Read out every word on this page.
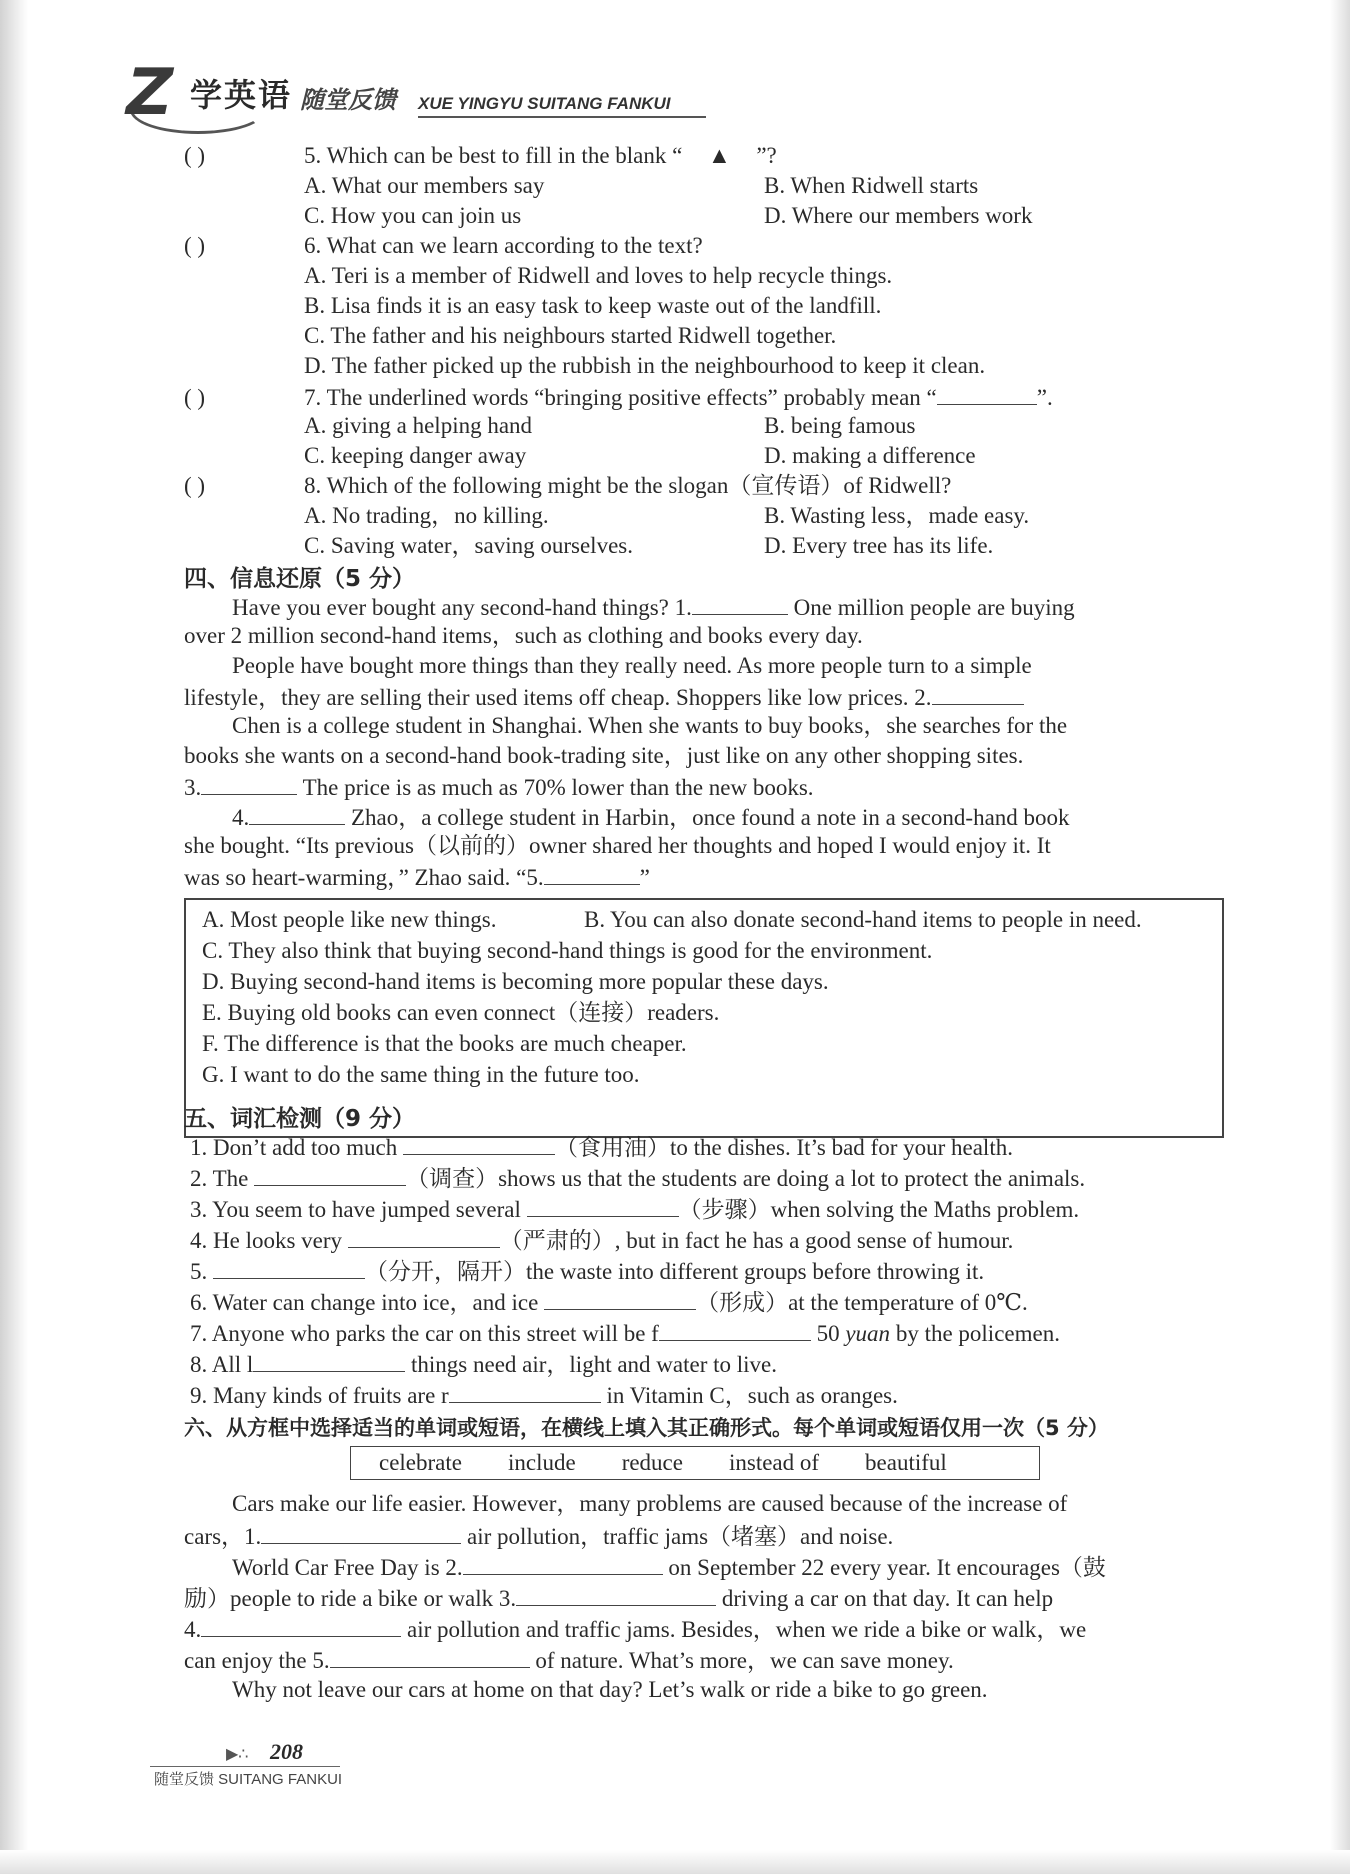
Z 学英语 随堂反馈 XUE YINGYU SUITANG FANKUI
( )	5. Which can be best to fill in the blank “ ▲ ”?
A. What our members say	B. When Ridwell starts
C. How you can join us	D. Where our members work
( )	6. What can we learn according to the text?
A. Teri is a member of Ridwell and loves to help recycle things.
B. Lisa finds it is an easy task to keep waste out of the landfill.
C. The father and his neighbours started Ridwell together.
D. The father picked up the rubbish in the neighbourhood to keep it clean.
( )	7. The underlined words “bringing positive effects” probably mean “	”.
A. giving a helping hand	B. being famous
C. keeping danger away	D. making a difference
( )	8. Which of the following might be the slogan（宣传语）of Ridwell?
A. No trading，no killing.	B. Wasting less，made easy.
C. Saving water，saving ourselves.	D. Every tree has its life.
四、信息还原（5 分）
Have you ever bought any second-hand things? 1.	One million people are buying
over 2 million second-hand items，such as clothing and books every day.
People have bought more things than they really need. As more people turn to a simple
lifestyle，they are selling their used items off cheap. Shoppers like low prices. 2.
Chen is a college student in Shanghai. When she wants to buy books，she searches for the
books she wants on a second-hand book-trading site，just like on any other shopping sites.
3.	The price is as much as 70% lower than the new books.
4.	Zhao，a college student in Harbin，once found a note in a second-hand book
she bought. “Its previous（以前的）owner shared her thoughts and hoped I would enjoy it. It
was so heart-warming，” Zhao said. “5.	”
A. Most people like new things.	B. You can also donate second-hand items to people in need.
C. They also think that buying second-hand things is good for the environment.
D. Buying second-hand items is becoming more popular these days.
E. Buying old books can even connect（连接）readers.
F. The difference is that the books are much cheaper.
G. I want to do the same thing in the future too.
五、词汇检测（9 分）
1. Don’t add too much	（食用油）to the dishes. It’s bad for your health.
2. The	（调查）shows us that the students are doing a lot to protect the animals.
3. You seem to have jumped several	（步骤）when solving the Maths problem.
4. He looks very	（严肃的）, but in fact he has a good sense of humour.
5.	（分开，隔开）the waste into different groups before throwing it.
6. Water can change into ice，and ice	（形成）at the temperature of 0℃.
7. Anyone who parks the car on this street will be f	50 yuan by the policemen.
8. All l	things need air，light and water to live.
9. Many kinds of fruits are r	in Vitamin C，such as oranges.
六、从方框中选择适当的单词或短语，在横线上填入其正确形式。每个单词或短语仅用一次（5 分）
celebrate include reduce instead of beautiful
Cars make our life easier. However，many problems are caused because of the increase of
cars，1.	air pollution，traffic jams（堵塞）and noise.
World Car Free Day is 2.	on September 22 every year. It encourages（鼓
励）people to ride a bike or walk 3.	driving a car on that day. It can help
4.	air pollution and traffic jams. Besides，when we ride a bike or walk，we
can enjoy the 5.	of nature. What’s more，we can save money.
Why not leave our cars at home on that day? Let’s walk or ride a bike to go green.
▶∴ 208
随堂反馈 SUITANG FANKUI
